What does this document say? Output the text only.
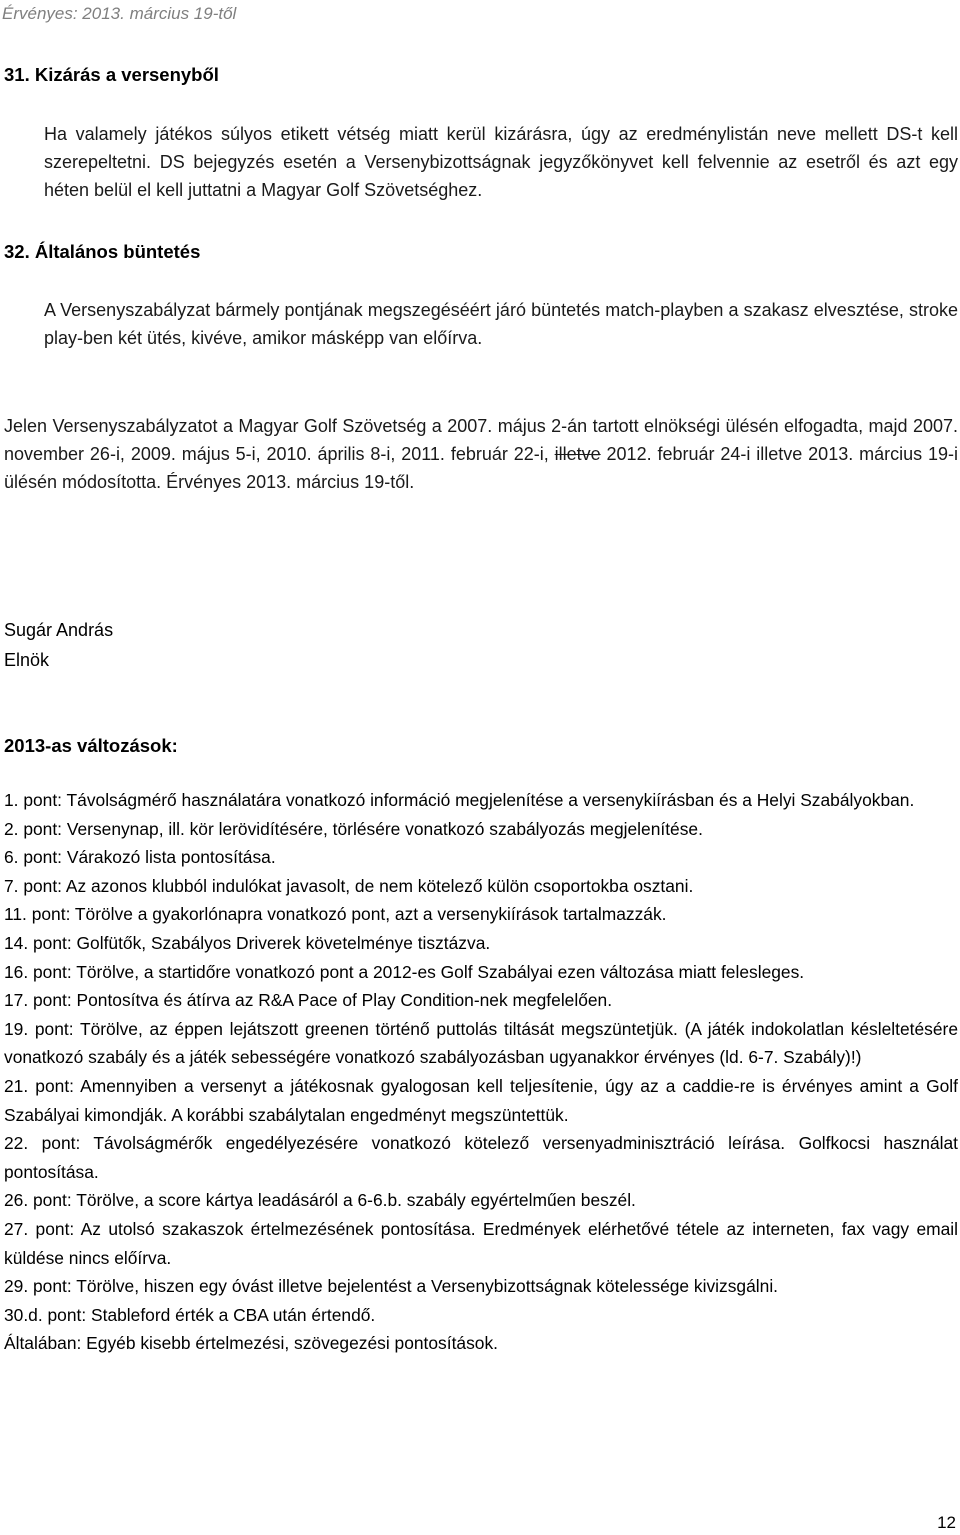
Érvényes: 2013. március 19-től
31. Kizárás a versenyből

Ha valamely játékos súlyos etikett vétség miatt kerül kizárásra, úgy az eredménylistán neve mellett DS-t kell szerepeltetni. DS bejegyzés esetén a Versenybizottságnak jegyzőkönyvet kell felvennie az esetről és azt egy héten belül el kell juttatni a Magyar Golf Szövetséghez.

32. Általános büntetés

A Versenyszabályzat bármely pontjának megszegéséért járó büntetés match-playben a szakasz elvesztése, stroke play-ben két ütés, kivéve, amikor másképp van előírva.

Jelen Versenyszabályzatot a Magyar Golf Szövetség a 2007. május 2-án tartott elnökségi ülésén elfogadta, majd 2007. november 26-i, 2009. május 5-i, 2010. április 8-i, 2011. február 22-i, illetve 2012. február 24-i illetve 2013. március 19-i ülésén módosította. Érvényes 2013. március 19-től.

Sugár András

Elnök

2013-as változások:
1. pont: Távolságmérő használatára vonatkozó információ megjelenítése a versenykiírásban és a Helyi Szabályokban.
2. pont: Versenynap, ill. kör lerövidítésére, törlésére vonatkozó szabályozás megjelenítése.
6. pont: Várakozó lista pontosítása.
7. pont: Az azonos klubból indulókat javasolt, de nem kötelező külön csoportokba osztani.
11. pont: Törölve a gyakorlónapra vonatkozó pont, azt a versenykiírások tartalmazzák.
14. pont: Golfütők, Szabályos Driverek követelménye tisztázva.
16. pont: Törölve, a startidőre vonatkozó pont a 2012-es Golf Szabályai ezen változása miatt felesleges.
17. pont: Pontosítva és átírva az R&A Pace of Play Condition-nek megfelelően.
19. pont: Törölve, az éppen lejátszott greenen történő puttolás tiltását megszüntetjük. (A játék indokolatlan késleltetésére vonatkozó szabály és a játék sebességére vonatkozó szabályozásban ugyanakkor érvényes (ld. 6-7. Szabály)!)
21. pont: Amennyiben a versenyt a játékosnak gyalogosan kell teljesítenie, úgy az a caddie-re is érvényes amint a Golf Szabályai kimondják. A korábbi szabálytalan engedményt megszüntettük.
22. pont: Távolságmérők engedélyezésére vonatkozó kötelező versenyadminisztráció leírása. Golfkocsi használat pontosítása.
26. pont: Törölve, a score kártya leadásáról a 6-6.b. szabály egyértelműen beszél.
27. pont: Az utolsó szakaszok értelmezésének pontosítása. Eredmények elérhetővé tétele az interneten, fax vagy email küldése nincs előírva.
29. pont: Törölve, hiszen egy óvást illetve bejelentést a Versenybizottságnak kötelessége kivizsgálni.
30.d. pont: Stableford érték a CBA után értendő.
Általában: Egyéb kisebb értelmezési, szövegezési pontosítások.
12
